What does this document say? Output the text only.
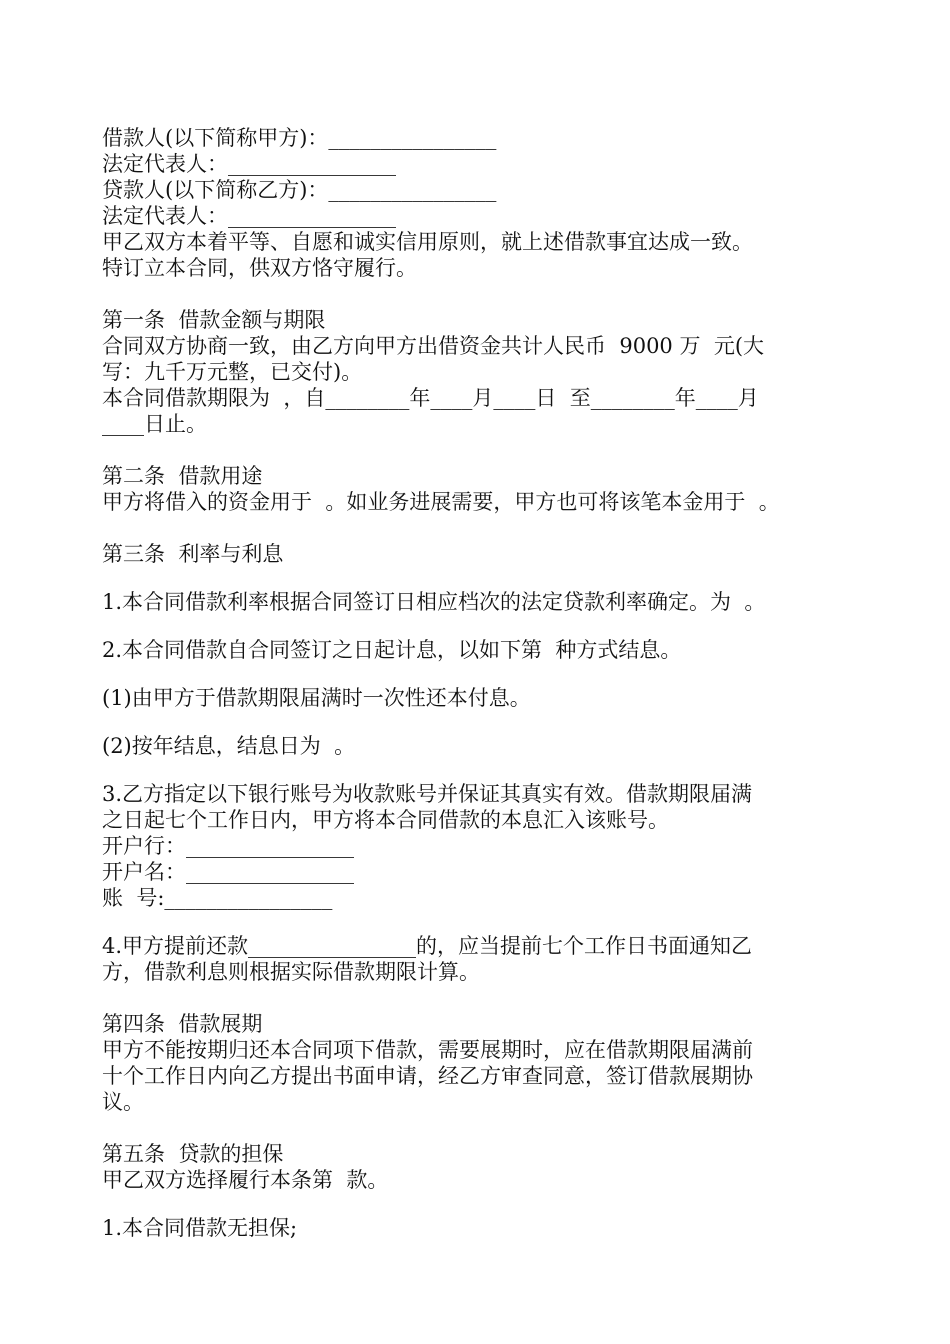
借款人(以下简称甲方)：________________
法定代表人：________________
贷款人(以下简称乙方)：________________
法定代表人：________________
甲乙双方本着平等、自愿和诚实信用原则，就上述借款事宜达成一致。
特订立本合同，供双方恪守履行。
第一条  借款金额与期限
合同双方协商一致，由乙方向甲方出借资金共计人民币  9000 万  元(大
写：九千万元整，已交付)。
本合同借款期限为  ，自________年____月____日  至________年____月
____日止。
第二条  借款用途
甲方将借入的资金用于  。如业务进展需要，甲方也可将该笔本金用于  。
第三条  利率与利息
1.本合同借款利率根据合同签订日相应档次的法定贷款利率确定。为  。
2.本合同借款自合同签订之日起计息，以如下第  种方式结息。
(1)由甲方于借款期限届满时一次性还本付息。
(2)按年结息，结息日为  。
3.乙方指定以下银行账号为收款账号并保证其真实有效。借款期限届满
之日起七个工作日内，甲方将本合同借款的本息汇入该账号。
开户行：________________
开户名：________________
账  号:________________
4.甲方提前还款________________的，应当提前七个工作日书面通知乙
方，借款利息则根据实际借款期限计算。
第四条  借款展期
甲方不能按期归还本合同项下借款，需要展期时，应在借款期限届满前
十个工作日内向乙方提出书面申请，经乙方审查同意，签订借款展期协
议。
第五条  贷款的担保
甲乙双方选择履行本条第  款。
1.本合同借款无担保;
